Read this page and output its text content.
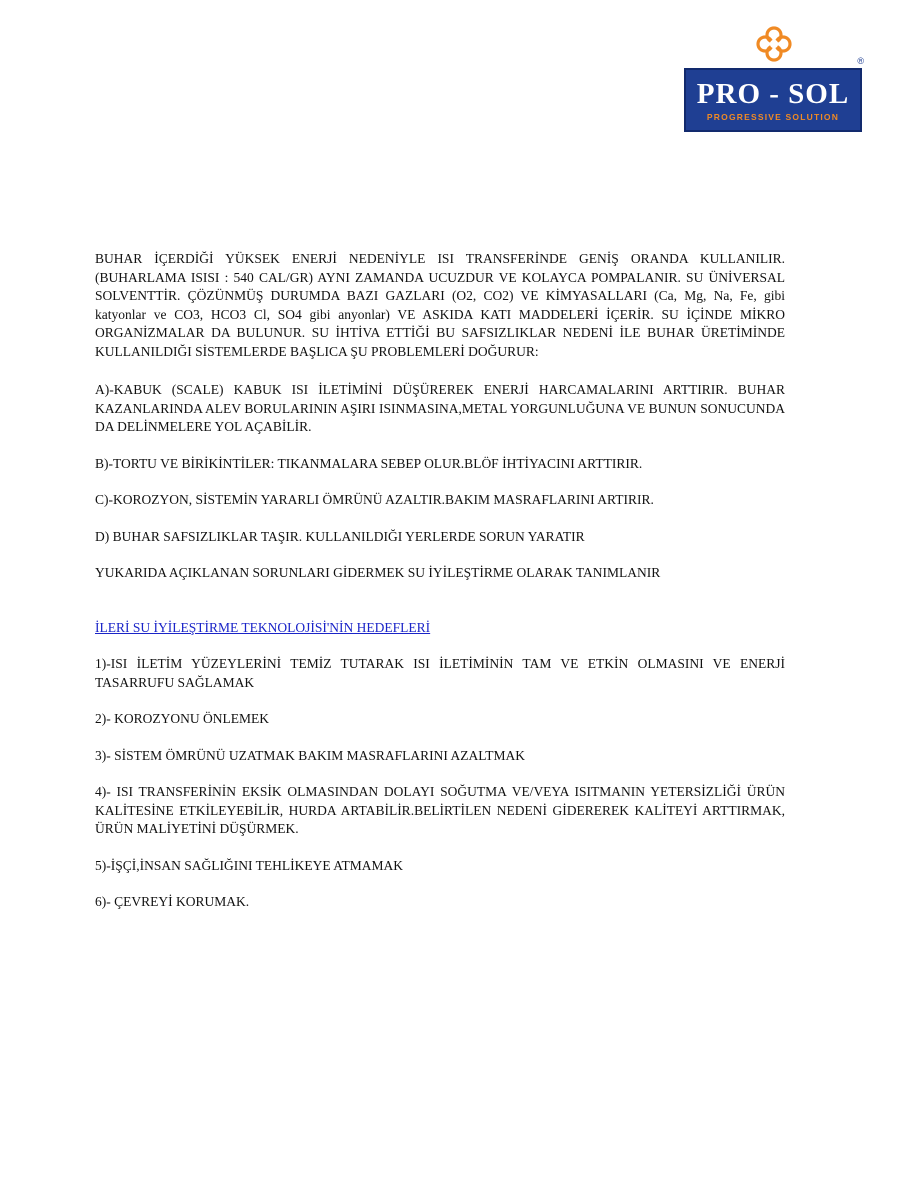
®
PRO - SOL
PROGRESSIVE SOLUTION

BUHAR İÇERDİĞİ YÜKSEK ENERJİ NEDENİYLE ISI TRANSFERİNDE GENİŞ ORANDA KULLANILIR. (BUHARLAMA ISISI : 540 CAL/GR) AYNI ZAMANDA UCUZDUR VE KOLAYCA POMPALANIR. SU ÜNİVERSAL SOLVENTTİR. ÇÖZÜNMÜŞ DURUMDA BAZI GAZLARI (O2, CO2) VE KİMYASALLARI (Ca, Mg, Na, Fe, gibi katyonlar ve CO3, HCO3 Cl, SO4 gibi anyonlar) VE ASKIDA KATI MADDELERİ İÇERİR. SU İÇİNDE MİKRO ORGANİZMALAR DA BULUNUR. SU İHTİVA ETTİĞİ BU SAFSIZLIKLAR NEDENİ İLE BUHAR ÜRETİMİNDE KULLANILDIĞI SİSTEMLERDE BAŞLICA ŞU PROBLEMLERİ DOĞURUR:

A)-KABUK (SCALE) KABUK ISI İLETİMİNİ DÜŞÜREREK ENERJİ HARCAMALARINI ARTTIRIR. BUHAR KAZANLARINDA ALEV BORULARININ AŞIRI ISINMASINA,METAL YORGUNLUĞUNA VE BUNUN SONUCUNDA DA DELİNMELERE YOL AÇABİLİR.

B)-TORTU VE BİRİKİNTİLER: TIKANMALARA SEBEP OLUR.BLÖF İHTİYACINI ARTTIRIR.

C)-KOROZYON, SİSTEMİN YARARLI ÖMRÜNÜ AZALTIR.BAKIM MASRAFLARINI ARTIRIR.

D) BUHAR SAFSIZLIKLAR TAŞIR. KULLANILDIĞI YERLERDE SORUN YARATIR

YUKARIDA AÇIKLANAN SORUNLARI GİDERMEK SU İYİLEŞTİRME OLARAK TANIMLANIR

İLERİ SU İYİLEŞTİRME TEKNOLOJİSİ'NİN HEDEFLERİ

1)-ISI İLETİM YÜZEYLERİNİ TEMİZ TUTARAK ISI İLETİMİNİN TAM VE ETKİN OLMASINI VE ENERJİ TASARRUFU SAĞLAMAK

2)- KOROZYONU ÖNLEMEK

3)- SİSTEM ÖMRÜNÜ UZATMAK BAKIM MASRAFLARINI AZALTMAK

4)- ISI TRANSFERİNİN EKSİK OLMASINDAN DOLAYI SOĞUTMA VE/VEYA ISITMANIN YETERSİZLİĞİ ÜRÜN KALİTESİNE ETKİLEYEBİLİR, HURDA ARTABİLİR.BELİRTİLEN NEDENİ GİDEREREK KALİTEYİ ARTTIRMAK, ÜRÜN MALİYETİNİ DÜŞÜRMEK.

5)-İŞÇİ,İNSAN SAĞLIĞINI TEHLİKEYE ATMAMAK

6)- ÇEVREYİ KORUMAK.
